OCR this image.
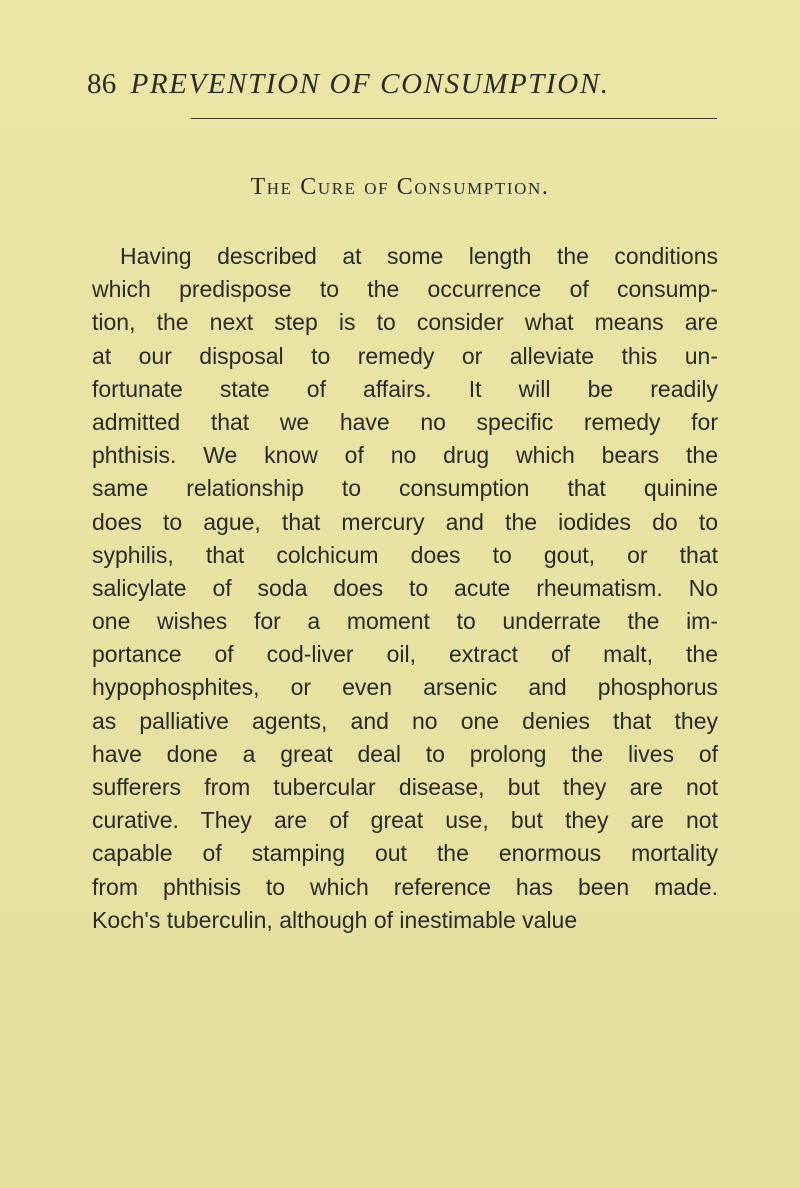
86 PREVENTION OF CONSUMPTION.
The Cure of Consumption.
Having described at some length the conditions
which predispose to the occurrence of consump-
tion, the next step is to consider what means are
at our disposal to remedy or alleviate this un-
fortunate state of affairs. It will be readily
admitted that we have no specific remedy for
phthisis. We know of no drug which bears the
same relationship to consumption that quinine
does to ague, that mercury and the iodides do to
syphilis, that colchicum does to gout, or that
salicylate of soda does to acute rheumatism. No
one wishes for a moment to underrate the im-
portance of cod-liver oil, extract of malt, the
hypophosphites, or even arsenic and phosphorus
as palliative agents, and no one denies that they
have done a great deal to prolong the lives of
sufferers from tubercular disease, but they are not
curative. They are of great use, but they are not
capable of stamping out the enormous mortality
from phthisis to which reference has been made.
Koch's tuberculin, although of inestimable value
